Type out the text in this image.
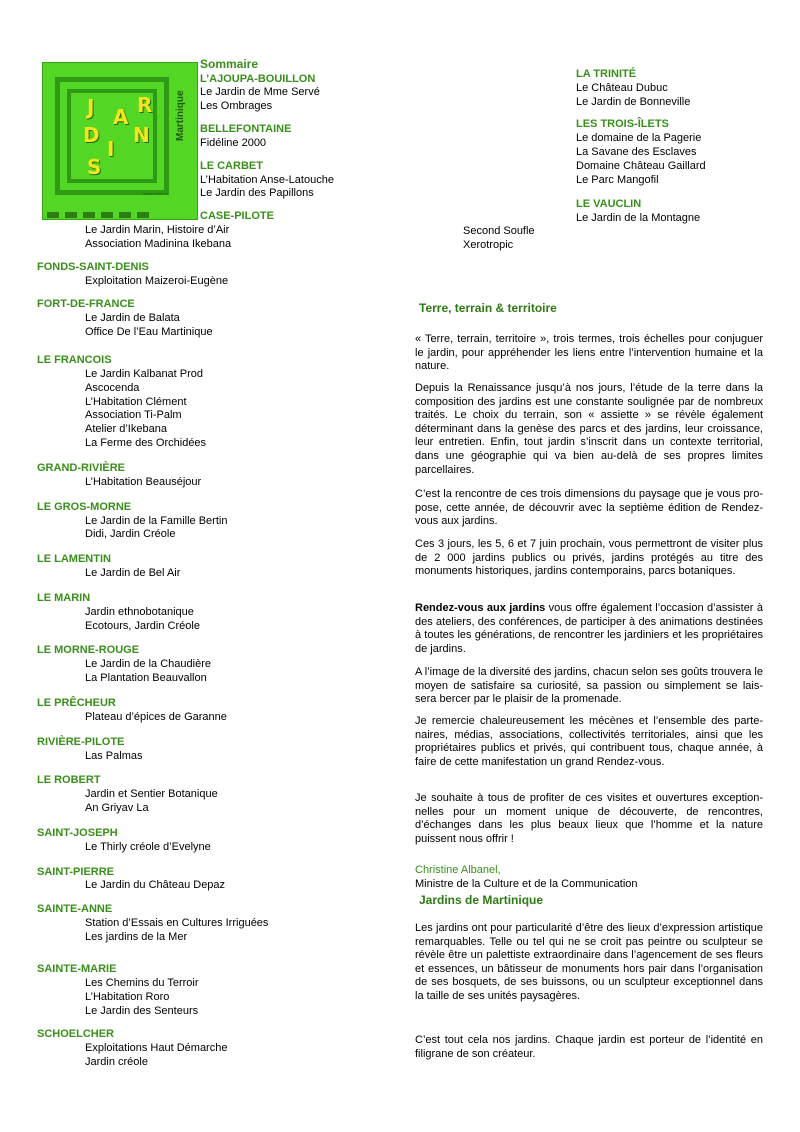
J A R
D
I
N
S
Martinique
www.culture.fr
Sommaire
L’AJOUPA-BOUILLON
Le Jardin de Mme Servé
Les Ombrages
BELLEFONTAINE
Fidéline 2000
LE CARBET
L’Habitation Anse-Latouche
Le Jardin des Papillons
CASE-PILOTE
Le Jardin Marin, Histoire d’Air
Association Madinina Ikebana
FONDS-SAINT-DENIS
Exploitation Maizeroi-Eugène
FORT-DE-FRANCE
Le Jardin de Balata
Office De l’Eau Martinique
LE FRANCOIS
Le Jardin Kalbanat Prod
Ascocenda
L’Habitation Clément
Association Ti-Palm
Atelier d’Ikebana
La Ferme des Orchidées
GRAND-RIVIÈRE
L’Habitation Beauséjour
LE GROS-MORNE
Le Jardin de la Famille Bertin
Didi, Jardin Créole
LE LAMENTIN
Le Jardin de Bel Air
LE MARIN
Jardin ethnobotanique
Ecotours, Jardin Créole
LE MORNE-ROUGE
Le Jardin de la Chaudière
La Plantation Beauvallon
LE PRÊCHEUR
Plateau d’épices de Garanne
RIVIÈRE-PILOTE
Las Palmas
LE ROBERT
Jardin et Sentier Botanique
An Griyav La
SAINT-JOSEPH
Le Thirly créole d’Evelyne
SAINT-PIERRE
Le Jardin du Château Depaz
SAINTE-ANNE
Station d’Essais en Cultures Irriguées
Les jardins de la Mer
SAINTE-MARIE
Les Chemins du Terroir
L’Habitation Roro
Le Jardin des Senteurs
SCHOELCHER
Exploitations Haut Démarche
Jardin créole
Second Soufle
Xerotropic
LA TRINITÉ
Le Château Dubuc
Le Jardin de Bonneville
LES TROIS-ÎLETS
Le domaine de la Pagerie
La Savane des Esclaves
Domaine Château Gaillard
Le Parc Mangofil
LE VAUCLIN
Le Jardin de la Montagne
Terre, terrain & territoire

« Terre, terrain, territoire », trois termes, trois échelles pour conjuguer le jardin, pour appréhender les liens entre l’intervention humaine et la nature.

Depuis la Renaissance jusqu’à nos jours, l’étude de la terre dans la composition des jardins est une constante soulignée par de nombreux traités. Le choix du terrain, son « assiette » se révèle également déterminant dans la genèse des parcs et des jardins, leur croissance, leur entretien. Enfin, tout jardin s’inscrit dans un contexte territorial, dans une géographie qui va bien au-delà de ses propres limites parcellaires.

C’est la rencontre de ces trois dimensions du paysage que je vous pro- pose, cette année, de découvrir avec la septième édition de Rendez- vous aux jardins.

Ces 3 jours, les 5, 6 et 7 juin prochain, vous permettront de visiter plus de 2 000 jardins publics ou privés, jardins protégés au titre des monuments historiques, jardins contemporains, parcs botaniques.

Rendez-vous aux jardins vous offre également l’occasion d’assister à des ateliers, des conférences, de participer à des animations destinées à toutes les générations, de rencontrer les jardiniers et les propriétaires de jardins.

A l’image de la diversité des jardins, chacun selon ses goûts trouvera le moyen de satisfaire sa curiosité, sa passion ou simplement se lais- sera bercer par le plaisir de la promenade.

Je remercie chaleureusement les mécènes et l’ensemble des parte- naires, médias, associations, collectivités territoriales, ainsi que les propriétaires publics et privés, qui contribuent tous, chaque année, à faire de cette manifestation un grand Rendez-vous.

Je souhaite à tous de profiter de ces visites et ouvertures exception- nelles pour un moment unique de découverte, de rencontres, d’échanges dans les plus beaux lieux que l’homme et la nature puissent nous offrir !

Christine Albanel,
Ministre de la Culture et de la Communication
Jardins de Martinique

Les jardins ont pour particularité d’être des lieux d’expression artistique remarquables. Telle ou tel qui ne se croit pas peintre ou sculpteur se révèle être un palettiste extraordinaire dans l’agencement de ses fleurs et essences, un bâtisseur de monuments hors pair dans l’organisation de ses bosquets, de ses buissons, ou un sculpteur exceptionnel dans la taille de ses unités paysagères.

C’est tout cela nos jardins. Chaque jardin est porteur de l’identité en filigrane de son créateur.
